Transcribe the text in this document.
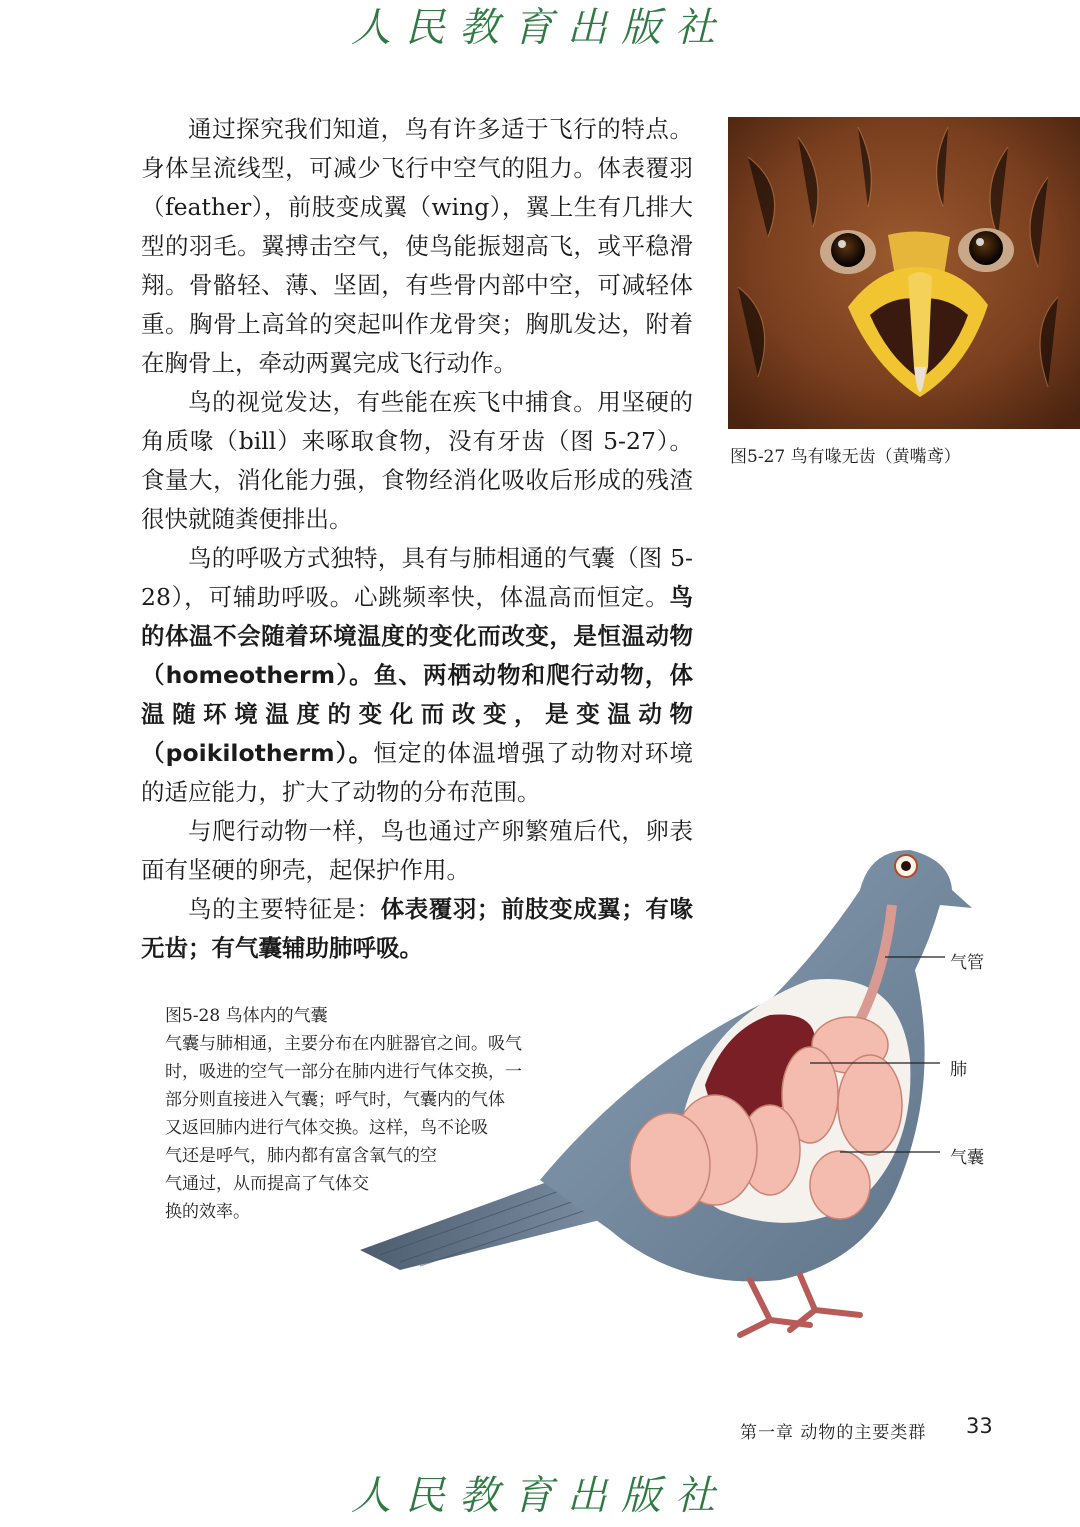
人民教育出版社

通过探究我们知道，鸟有许多适于飞行的特点。身体呈流线型，可减少飞行中空气的阻力。体表覆羽（feather），前肢变成翼（wing），翼上生有几排大型的羽毛。翼搏击空气，使鸟能振翅高飞，或平稳滑翔。骨骼轻、薄、坚固，有些骨内部中空，可减轻体重。胸骨上高耸的突起叫作龙骨突；胸肌发达，附着在胸骨上，牵动两翼完成飞行动作。

鸟的视觉发达，有些能在疾飞中捕食。用坚硬的角质喙（bill）来啄取食物，没有牙齿（图 5-27）。食量大，消化能力强，食物经消化吸收后形成的残渣很快就随粪便排出。

鸟的呼吸方式独特，具有与肺相通的气囊（图 5-28），可辅助呼吸。心跳频率快，体温高而恒定。鸟的体温不会随着环境温度的变化而改变，是恒温动物（homeotherm）。鱼、两栖动物和爬行动物，体温随环境温度的变化而改变，是变温动物（poikilotherm）。恒定的体温增强了动物对环境的适应能力，扩大了动物的分布范围。

与爬行动物一样，鸟也通过产卵繁殖后代，卵表面有坚硬的卵壳，起保护作用。

鸟的主要特征是：体表覆羽；前肢变成翼；有喙无齿；有气囊辅助肺呼吸。

图5-27 鸟有喙无齿（黄嘴鸢）
图5-28 鸟体内的气囊
气囊与肺相通，主要分布在内脏器官之间。吸气
时，吸进的空气一部分在肺内进行气体交换，一
部分则直接进入气囊；呼气时，气囊内的气体
又返回肺内进行气体交换。这样，鸟不论吸
气还是呼气，肺内都有富含氧气的空
气通过，从而提高了气体交
换的效率。
气管
肺
气囊
第一章 动物的主要类群 33
人民教育出版社
